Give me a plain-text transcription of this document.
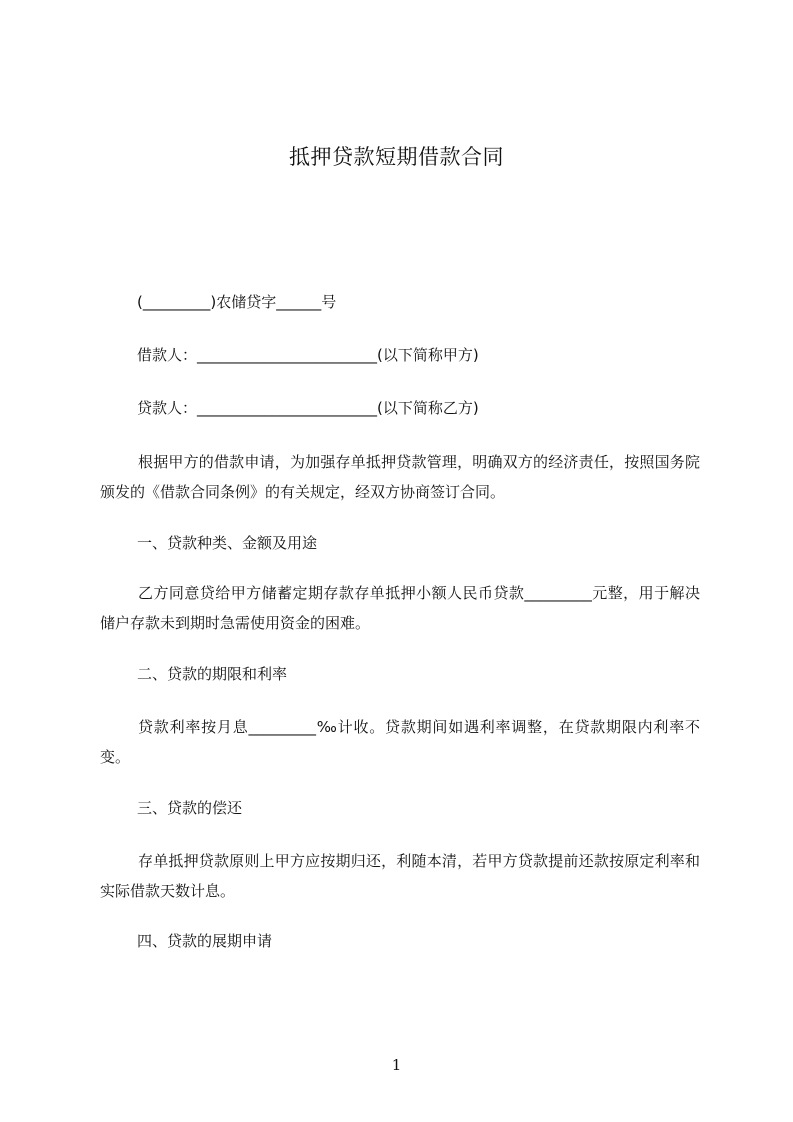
抵押贷款短期借款合同
(_________)农储贷字______号
借款人：________________________(以下简称甲方)
贷款人：________________________(以下简称乙方)
根据甲方的借款申请，为加强存单抵押贷款管理，明确双方的经济责任，按照国务院颁发的《借款合同条例》的有关规定，经双方协商签订合同。
一、贷款种类、金额及用途
乙方同意贷给甲方储蓄定期存款存单抵押小额人民币贷款_________元整，用于解决储户存款未到期时急需使用资金的困难。
二、贷款的期限和利率
贷款利率按月息_________‰计收。贷款期间如遇利率调整，在贷款期限内利率不变。
三、贷款的偿还
存单抵押贷款原则上甲方应按期归还，利随本清，若甲方贷款提前还款按原定利率和实际借款天数计息。
四、贷款的展期申请
1
